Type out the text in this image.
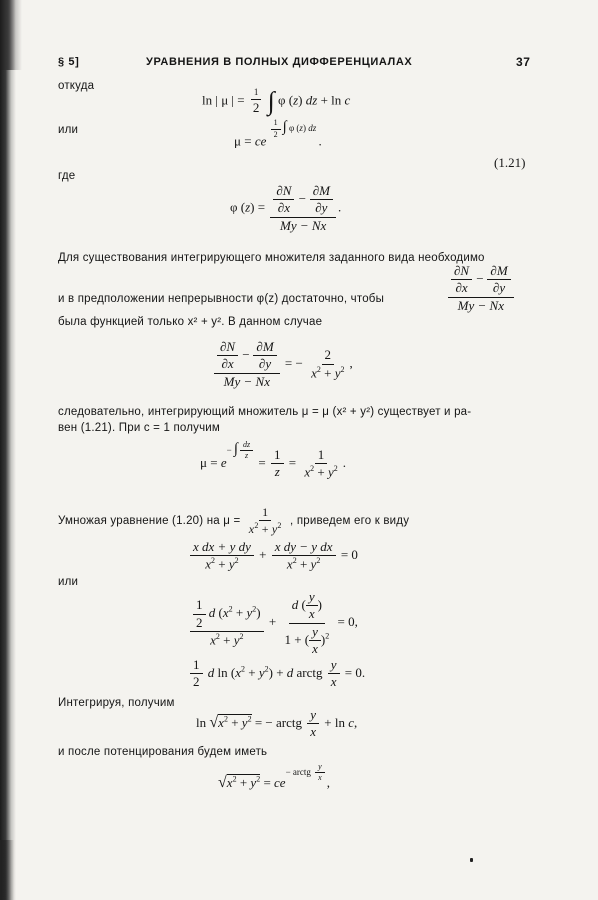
§ 5]	УРАВНЕНИЯ В ПОЛНЫХ ДИФФЕРЕНЦИАЛАХ	37
откуда
ln | μ | = $\frac{1}{2}$ ∫ φ (z) dz + ln c
или
μ = ce
$^{\frac{1}{2} \int \varphi (z) dz}$ .
(1.21)
где
φ $(z) = \frac{\frac{\partial N}{\partial x} - \frac{\partial M}{\partial y}}{My - Nx}$ .
Для существования интегрирующего множителя заданного вида необходимо
$\frac{\frac{\partial N}{\partial x} - \frac{\partial M}{\partial y}}{My - Nx}$
и в предположении непрерывности φ(z) достаточно, чтобы
была функцией только x² + y². В данном случае
$\frac{\frac{\partial N}{\partial x} - \frac{\partial M}{\partial y}}{My - Nx}$ = − $\frac{2}{x^2 + y^2}$ ,
следовательно, интегрирующий множитель μ = μ (x² + y²) существует и ра-
вен (1.21). При c = 1 получим
$\mu = e^{- \int \frac{dz}{z}}$
= $\frac{1}{z} = \frac{1}{x^2 + y^2}$ .
Умножая уравнение (1.20) на $\mu = \frac{1}{x^2 + y^2}$ , приведем его к виду
$\frac{\text{x dx + y dy}}{x^2 + y^2} + \frac{\text{x dy − y dx}}{x^2 + y^2} = 0$
или
$\frac{\frac{1}{2} d (x^2 + y^2)}{x^2 + y^2} + \frac{d ( \frac{y}{x} )}{1 + ( \frac{y}{x} )^2} = 0$,
$\frac{1}{2}$ d $\ln (x^2 + y^2) + d$ arctg $\frac{y}{x} = 0$.
Интегрируя, получим
$\ln √x^2 + y^2$ = − arctg $\frac{y}{x} + \ln c$,
и после потенцирования будем иметь
$√x^2 + y^2 = ce^{- arctg \frac{y}{x}}$ ,
